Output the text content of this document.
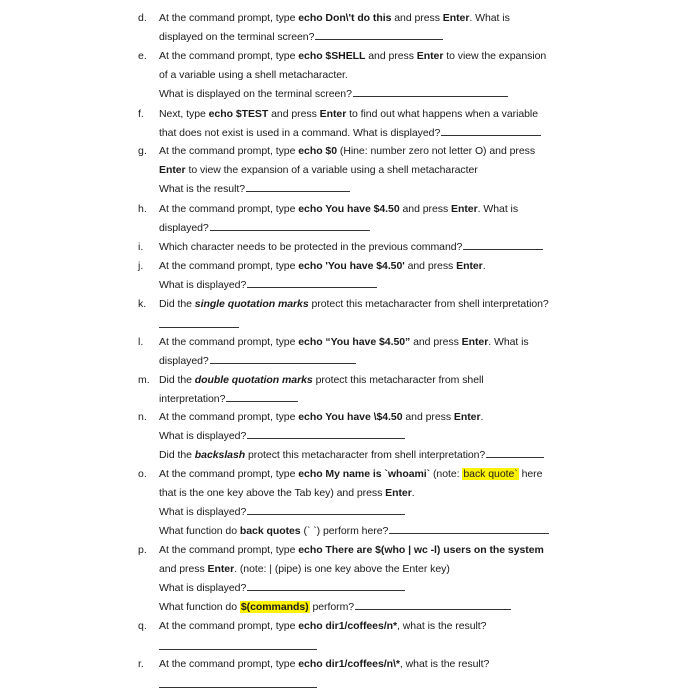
d.	At the command prompt, type echo Don\'t do this and press Enter. What is
displayed on the terminal screen?
e.	At the command prompt, type echo $SHELL and press Enter to view the expansion
of a variable using a shell metacharacter.
What is displayed on the terminal screen?
f.	Next, type echo $TEST and press Enter to find out what happens when a variable
that does not exist is used in a command. What is displayed?
g.	At the command prompt, type echo $0 (Hine: number zero not letter O) and press
Enter to view the expansion of a variable using a shell metacharacter
What is the result?
h.	At the command prompt, type echo You have $4.50 and press Enter. What is
displayed?
i.	Which character needs to be protected in the previous command?
j.	At the command prompt, type echo 'You have $4.50' and press Enter.
What is displayed?
k.	Did the single quotation marks protect this metacharacter from shell interpretation?
l.	At the command prompt, type echo “You have $4.50” and press Enter. What is
displayed?
m. Did the double quotation marks protect this metacharacter from shell
interpretation?
n.	At the command prompt, type echo You have \$4.50 and press Enter.
What is displayed?
Did the backslash protect this metacharacter from shell interpretation?
o.	At the command prompt, type echo My name is `whoami` (note: back quote` here
that is the one key above the Tab key) and press Enter.
What is displayed?
What function do back quotes (` `) perform here?
p.	At the command prompt, type echo There are $(who | wc -l) users on the system
and press Enter. (note: | (pipe) is one key above the Enter key)
What is displayed?
What function do $(commands) perform?
q.	At the command prompt, type echo dir1/coffees/n*, what is the result?
r.	At the command prompt, type echo dir1/coffees/n\*, what is the result?
